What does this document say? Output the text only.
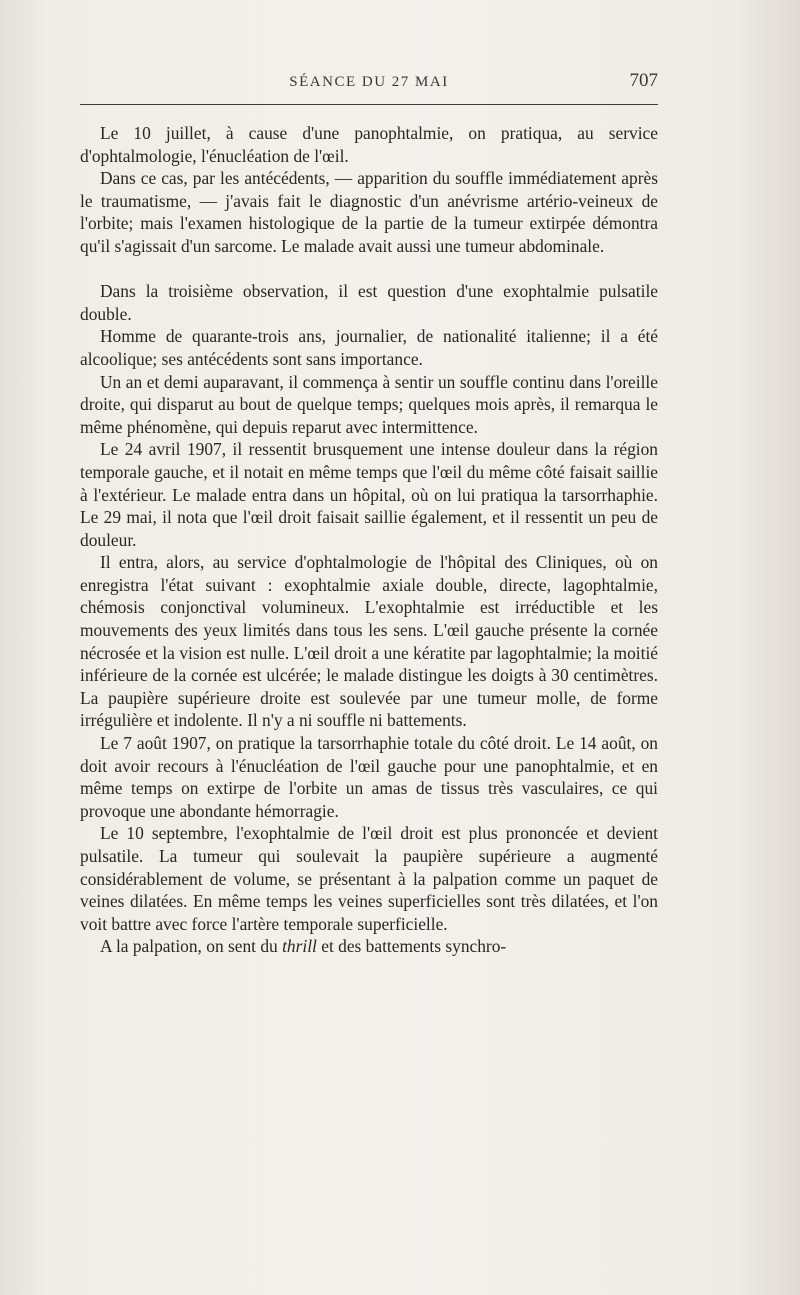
SÉANCE DU 27 MAI	707

Le 10 juillet, à cause d'une panophtalmie, on pratiqua, au service d'ophtalmologie, l'énucléation de l'œil.

Dans ce cas, par les antécédents, — apparition du souffle immédiatement après le traumatisme, — j'avais fait le diagnostic d'un anévrisme artério-veineux de l'orbite; mais l'examen histologique de la partie de la tumeur extirpée démontra qu'il s'agissait d'un sarcome. Le malade avait aussi une tumeur abdominale.

Dans la troisième observation, il est question d'une exophtalmie pulsatile double.

Homme de quarante-trois ans, journalier, de nationalité italienne; il a été alcoolique; ses antécédents sont sans importance.

Un an et demi auparavant, il commença à sentir un souffle continu dans l'oreille droite, qui disparut au bout de quelque temps; quelques mois après, il remarqua le même phénomène, qui depuis reparut avec intermittence.

Le 24 avril 1907, il ressentit brusquement une intense douleur dans la région temporale gauche, et il notait en même temps que l'œil du même côté faisait saillie à l'extérieur. Le malade entra dans un hôpital, où on lui pratiqua la tarsorrhaphie. Le 29 mai, il nota que l'œil droit faisait saillie également, et il ressentit un peu de douleur.

Il entra, alors, au service d'ophtalmologie de l'hôpital des Cliniques, où on enregistra l'état suivant : exophtalmie axiale double, directe, lagophtalmie, chémosis conjonctival volumineux. L'exophtalmie est irréductible et les mouvements des yeux limités dans tous les sens. L'œil gauche présente la cornée nécrosée et la vision est nulle. L'œil droit a une kératite par lagophtalmie; la moitié inférieure de la cornée est ulcérée; le malade distingue les doigts à 30 centimètres. La paupière supérieure droite est soulevée par une tumeur molle, de forme irrégulière et indolente. Il n'y a ni souffle ni battements.

Le 7 août 1907, on pratique la tarsorrhaphie totale du côté droit. Le 14 août, on doit avoir recours à l'énucléation de l'œil gauche pour une panophtalmie, et en même temps on extirpe de l'orbite un amas de tissus très vasculaires, ce qui provoque une abondante hémorragie.

Le 10 septembre, l'exophtalmie de l'œil droit est plus prononcée et devient pulsatile. La tumeur qui soulevait la paupière supérieure a augmenté considérablement de volume, se présentant à la palpation comme un paquet de veines dilatées. En même temps les veines superficielles sont très dilatées, et l'on voit battre avec force l'artère temporale superficielle.

A la palpation, on sent du thrill et des battements synchro-
